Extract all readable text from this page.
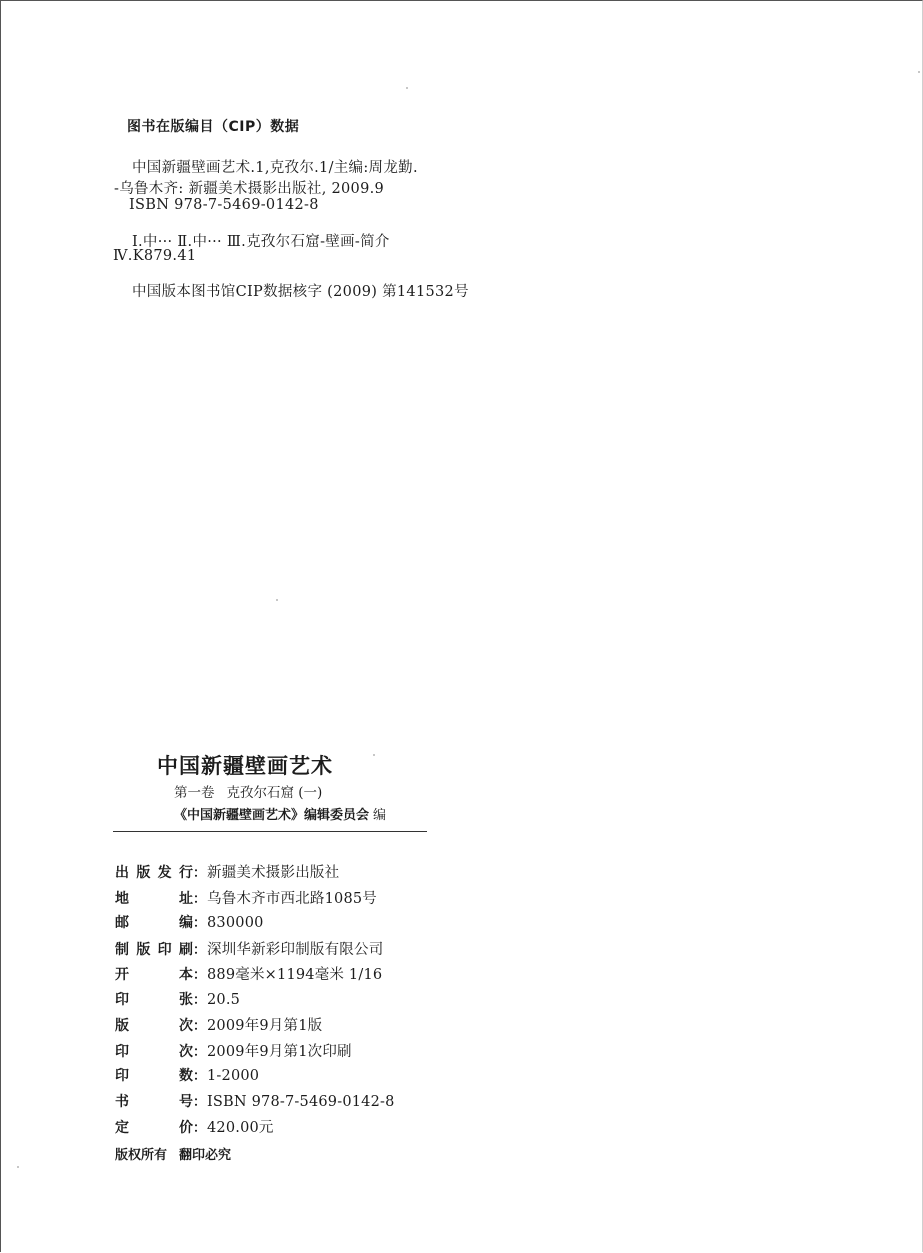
图书在版编目（CIP）数据
中国新疆壁画艺术.1,克孜尔.1/主编:周龙勤.
-乌鲁木齐: 新疆美术摄影出版社, 2009.9
ISBN 978-7-5469-0142-8
Ⅰ.中··· Ⅱ.中··· Ⅲ.克孜尔石窟-壁画-简介
Ⅳ.K879.41
中国版本图书馆CIP数据核字 (2009) 第141532号
中国新疆壁画艺术
第一卷 克孜尔石窟 (一)
《中国新疆壁画艺术》编辑委员会 编
出 版 发 行 ： 新疆美术摄影出版社
地	址 ： 乌鲁木齐市西北路1085号
邮	编 ： 830000
制 版 印 刷 ： 深圳华新彩印制版有限公司
开	本 ： 889毫米×1194毫米 1/16
印	张 ： 20.5
版	次 ： 2009年9月第1版
印	次 ： 2009年9月第1次印刷
印	数 ： 1-2000
书	号 ： ISBN 978-7-5469-0142-8
定	价 ： 420.00元
版权所有 翻印必究
